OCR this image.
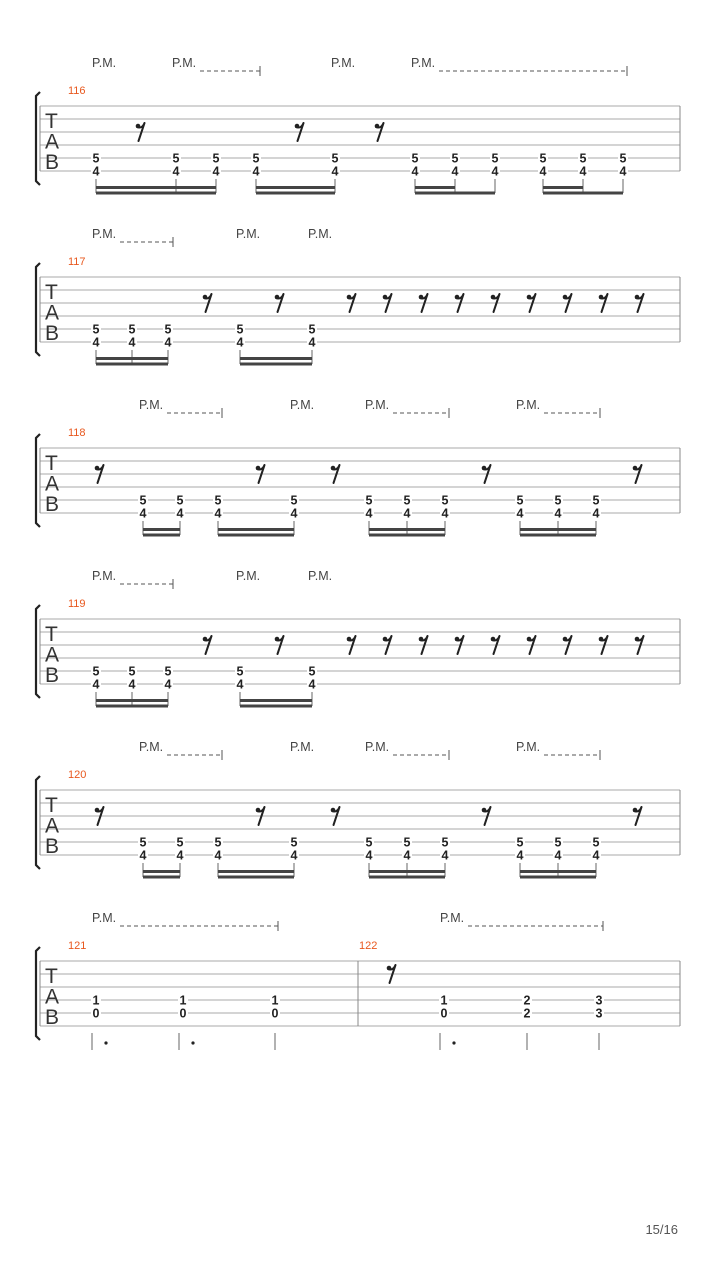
T
A
B
116
P.M.	P.M.	P.M.	P.M.
5
4
5
4
5
4
5
4
5
4
5
4
5
4
5
4
5
4
5
4
5
4
T
A
B
117
P.M.	P.M.	P.M.
5
4
5
4
5
4
5
4
5
4
T
A
B
118
P.M.	P.M.	P.M.	P.M.
5
4
5
4
5
4
5
4
5
4
5
4
5
4
5
4
5
4
5
4
T
A
B
119
P.M.	P.M.	P.M.
5
4
5
4
5
4
5
4
5
4
T
A
B
120
P.M.	P.M.	P.M.	P.M.
5
4
5
4
5
4
5
4
5
4
5
4
5
4
5
4
5
4
5
4
T
A
B
121	122
P.M.	P.M.
1
0
1
0
1
0
1
0
2
2
3
3
15/16
